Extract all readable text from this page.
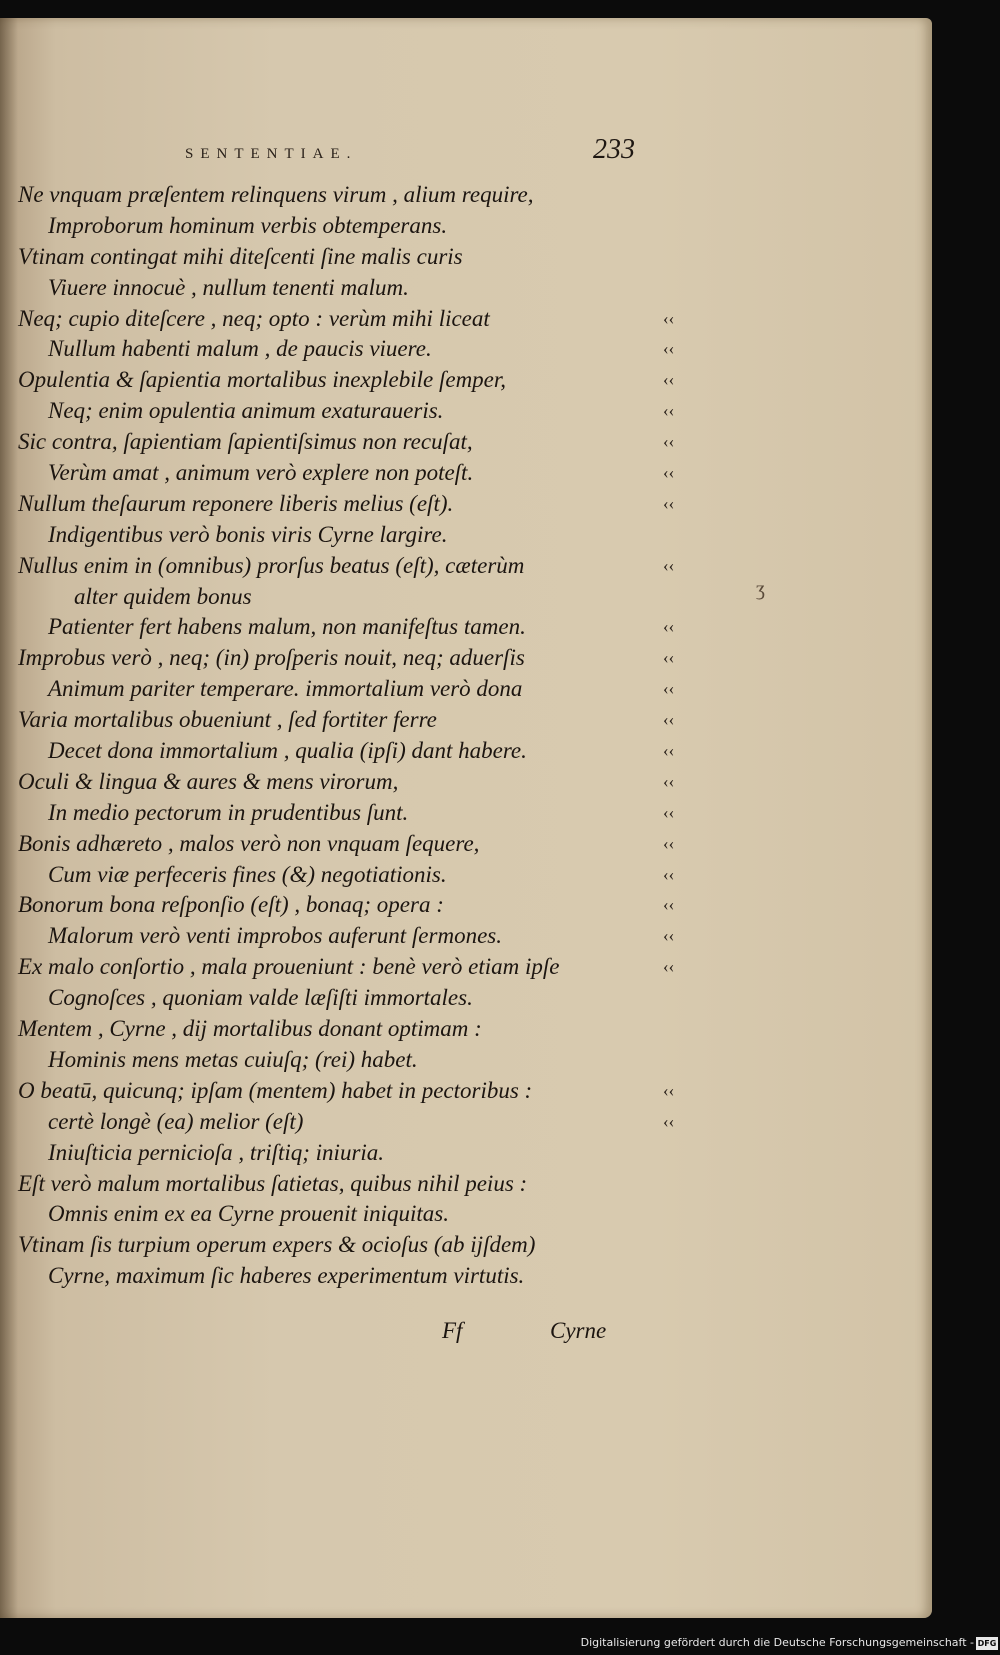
SENTENTIAE.	233
Ne vnquam præſentem relinquens virum , alium require,
Improborum hominum verbis obtemperans.
Vtinam contingat mihi diteſcenti ſine malis curis
Viuere innocuè , nullum tenenti malum.
Neq; cupio diteſcere , neq; opto : verùm mihi liceat	‹‹
Nullum habenti malum , de paucis viuere.	‹‹
Opulentia & ſapientia mortalibus inexplebile ſemper,	‹‹
Neq; enim opulentia animum exaturaueris.	‹‹
Sic contra, ſapientiam ſapientiſsimus non recuſat,	‹‹
Verùm amat , animum verò explere non poteſt.	‹‹
Nullum theſaurum reponere liberis melius (eſt).	‹‹
Indigentibus verò bonis viris Cyrne largire.
Nullus enim in (omnibus) prorſus beatus (eſt), cæterùm	‹‹
alter quidem bonus
Patienter fert habens malum, non manifeſtus tamen.	‹‹
Improbus verò , neq; (in) proſperis nouit, neq; aduerſis	‹‹
Animum pariter temperare. immortalium verò dona	‹‹
Varia mortalibus obueniunt , ſed fortiter ferre	‹‹
Decet dona immortalium , qualia (ipſi) dant habere.	‹‹
Oculi & lingua & aures & mens virorum,	‹‹
In medio pectorum in prudentibus ſunt.	‹‹
Bonis adhæreto , malos verò non vnquam ſequere,	‹‹
Cum viæ perfeceris fines (&) negotiationis.	‹‹
Bonorum bona reſponſio (eſt) , bonaq; opera :	‹‹
Malorum verò venti improbos auferunt ſermones.	‹‹
Ex malo conſortio , mala proueniunt : benè verò etiam ipſe	‹‹
Cognoſces , quoniam valde læſiſti immortales.
Mentem , Cyrne , dij mortalibus donant optimam :
Hominis mens metas cuiuſq; (rei) habet.
O beatū, quicunq; ipſam (mentem) habet in pectoribus :	‹‹
certè longè (ea) melior (eſt)	‹‹
Iniuſticia pernicioſa , triſtiq; iniuria.
Eſt verò malum mortalibus ſatietas, quibus nihil peius :
Omnis enim ex ea Cyrne prouenit iniquitas.
Vtinam ſis turpium operum expers & ocioſus (ab ijſdem)
Cyrne, maximum ſic haberes experimentum virtutis.
ʒ
Ff	Cyrne
Digitalisierung gefördert durch die Deutsche Forschungsgemeinschaft - DFG
